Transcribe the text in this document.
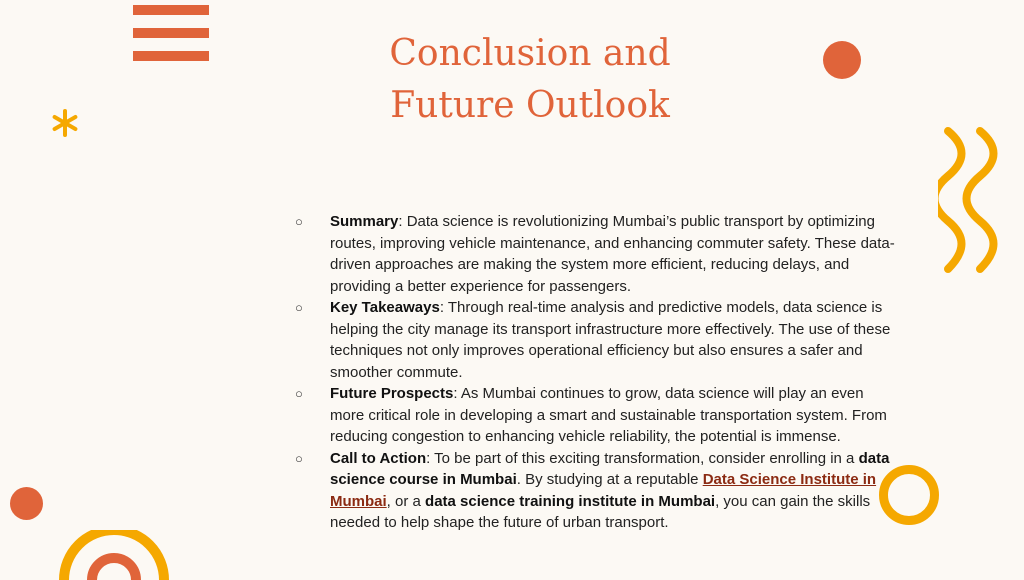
Conclusion and
Future Outlook
○ Summary: Data science is revolutionizing Mumbai’s public transport by optimizing routes, improving vehicle maintenance, and enhancing commuter safety. These data-driven approaches are making the system more efficient, reducing delays, and providing a better experience for passengers.
○ Key Takeaways: Through real-time analysis and predictive models, data science is helping the city manage its transport infrastructure more effectively. The use of these techniques not only improves operational efficiency but also ensures a safer and smoother commute.
○ Future Prospects: As Mumbai continues to grow, data science will play an even more critical role in developing a smart and sustainable transportation system. From reducing congestion to enhancing vehicle reliability, the potential is immense.
○ Call to Action: To be part of this exciting transformation, consider enrolling in a data science course in Mumbai. By studying at a reputable Data Science Institute in Mumbai, or a data science training institute in Mumbai, you can gain the skills needed to help shape the future of urban transport.
